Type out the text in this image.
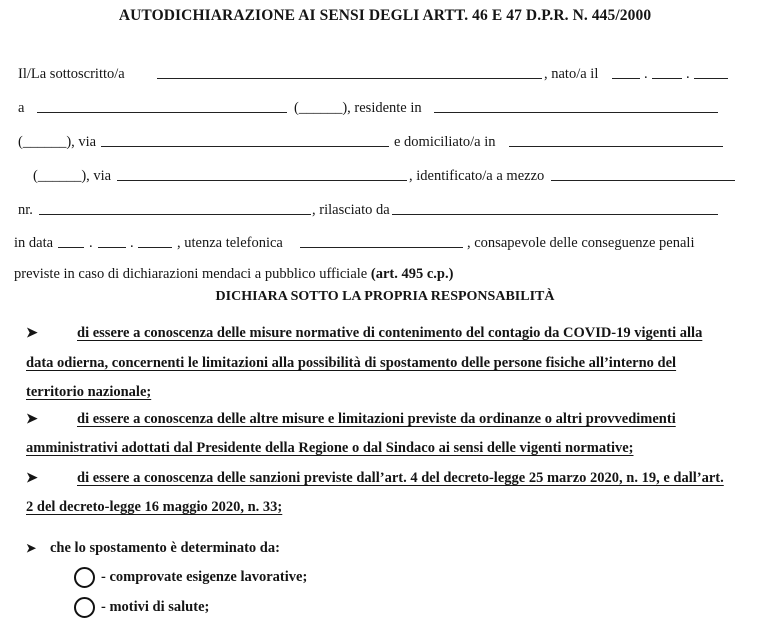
AUTODICHIARAZIONE AI SENSI DEGLI ARTT. 46 E 47 D.P.R. N. 445/2000
Il/La sottoscritto/a	, nato/a il	.	.
a	(______), residente in
(______), via	e domiciliato/a in
(______), via	, identificato/a a mezzo
nr.	, rilasciato da
in data .	.	, utenza telefonica	, consapevole delle conseguenze penali
previste in caso di dichiarazioni mendaci a pubblico ufficiale (art. 495 c.p.)
DICHIARA SOTTO LA PROPRIA RESPONSABILITÀ
➤	di essere a conoscenza delle misure normative di contenimento del contagio da COVID-19 vigenti alla
data odierna, concernenti le limitazioni alla possibilità di spostamento delle persone fisiche all’interno del
territorio nazionale;
➤	di essere a conoscenza delle altre misure e limitazioni previste da ordinanze o altri provvedimenti
amministrativi adottati dal Presidente della Regione o dal Sindaco ai sensi delle vigenti normative;
➤	di essere a conoscenza delle sanzioni previste dall’art. 4 del decreto-legge 25 marzo 2020, n. 19, e dall’art.
2 del decreto-legge 16 maggio 2020, n. 33;
➤ che lo spostamento è determinato da:
- comprovate esigenze lavorative;
- motivi di salute;
